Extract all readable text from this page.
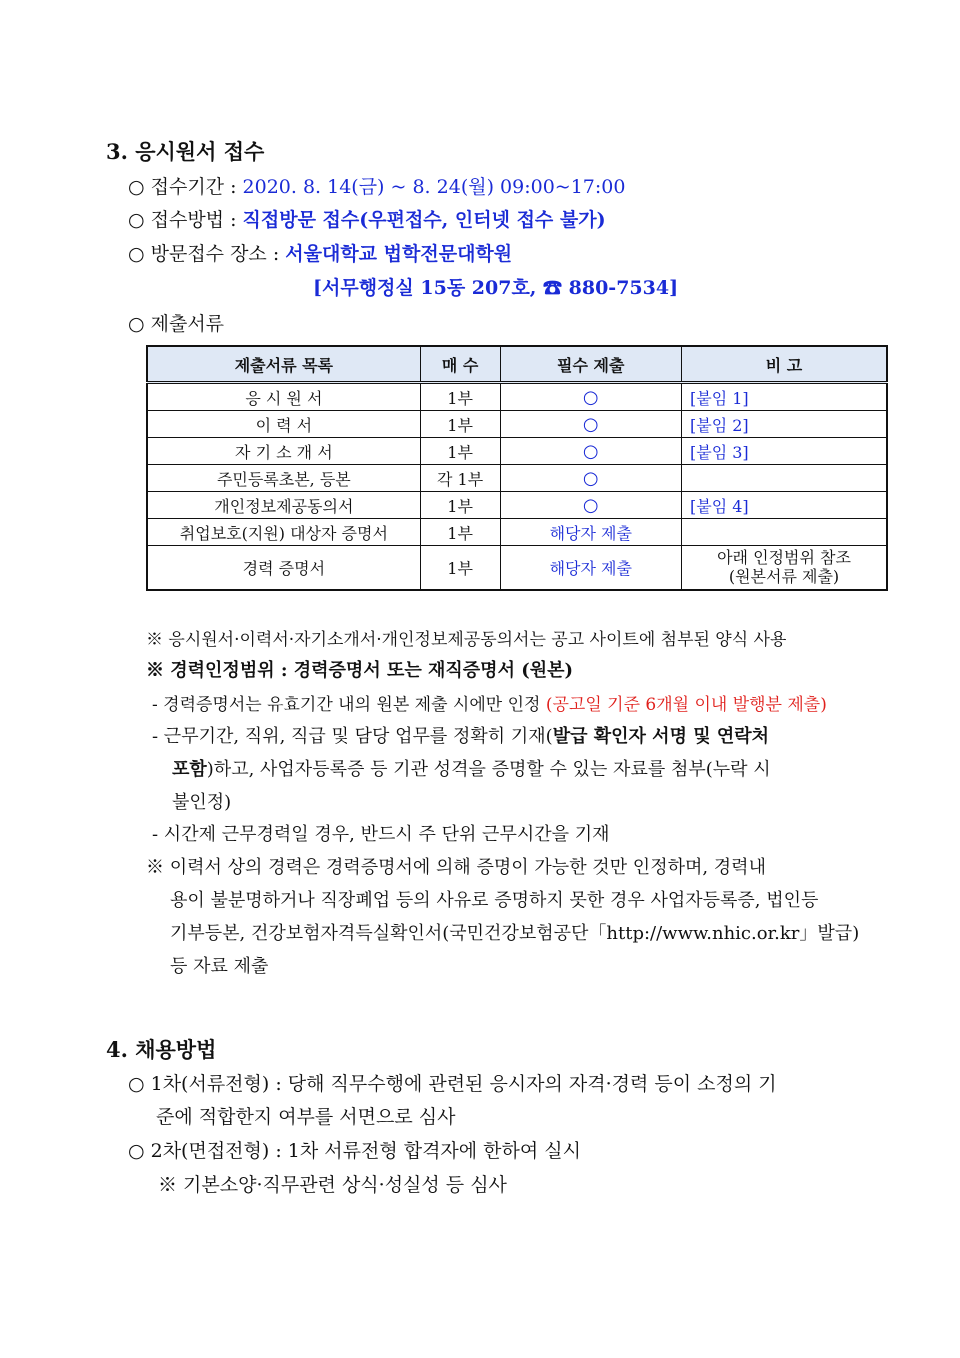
3. 응시원서 접수
○ 접수기간 : 2020. 8. 14(금) ~ 8. 24(월) 09:00~17:00
○ 접수방법 : 직접방문 접수(우편접수, 인터넷 접수 불가)
○ 방문접수 장소 : 서울대학교 법학전문대학원
[서무행정실 15동 207호, ☎ 880-7534]
○ 제출서류
제출서류 목록	매 수	필수 제출	비 고
응 시 원 서	1부	○	[붙임 1]
이 력 서	1부	○	[붙임 2]
자 기 소 개 서	1부	○	[붙임 3]
주민등록초본, 등본	각 1부	○	
개인정보제공동의서	1부	○	[붙임 4]
취업보호(지원) 대상자 증명서	1부	해당자 제출	
경력 증명서	1부	해당자 제출	아래 인정범위 참조
(원본서류 제출)
※ 응시원서·이력서·자기소개서·개인정보제공동의서는 공고 사이트에 첨부된 양식 사용
※ 경력인정범위 : 경력증명서 또는 재직증명서 (원본)
- 경력증명서는 유효기간 내의 원본 제출 시에만 인정 (공고일 기준 6개월 이내 발행분 제출)
- 근무기간, 직위, 직급 및 담당 업무를 정확히 기재(발급 확인자 서명 및 연락처
포함)하고, 사업자등록증 등 기관 성격을 증명할 수 있는 자료를 첨부(누락 시
불인정)
- 시간제 근무경력일 경우, 반드시 주 단위 근무시간을 기재
※ 이력서 상의 경력은 경력증명서에 의해 증명이 가능한 것만 인정하며, 경력내
용이 불분명하거나 직장폐업 등의 사유로 증명하지 못한 경우 사업자등록증, 법인등
기부등본, 건강보험자격득실확인서(국민건강보험공단「http://www.nhic.or.kr」발급)
등 자료 제출
4. 채용방법
○ 1차(서류전형) : 당해 직무수행에 관련된 응시자의 자격·경력 등이 소정의 기
준에 적합한지 여부를 서면으로 심사
○ 2차(면접전형) : 1차 서류전형 합격자에 한하여 실시
※ 기본소양·직무관련 상식·성실성 등 심사
